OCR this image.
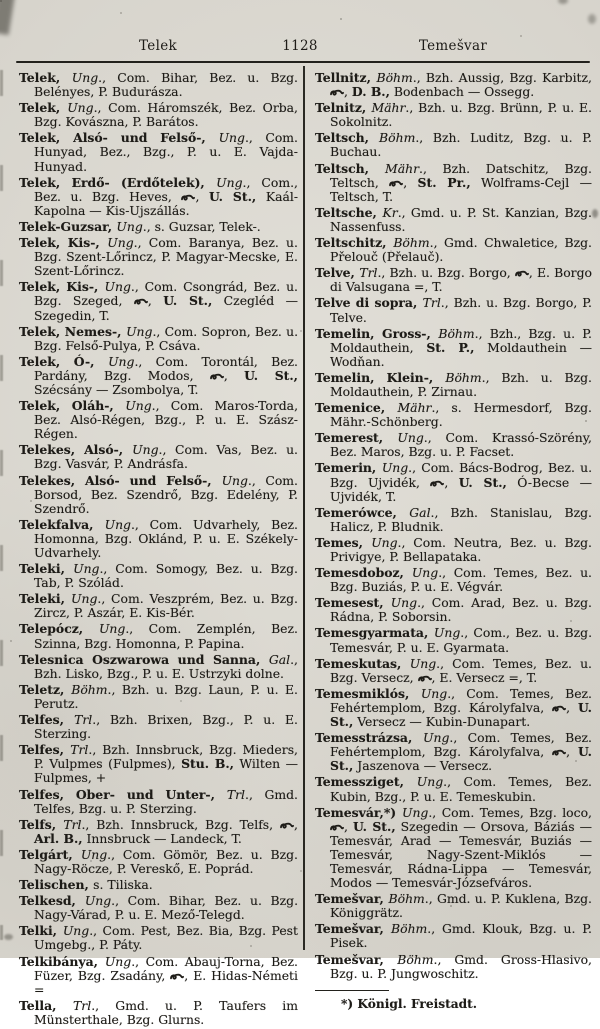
Telek	1128	Temešvar

Telek, Ung., Com. Bihar, Bez. u. Bzg. Belényes, P. Budurásza.

Telek, Ung., Com. Háromszék, Bez. Orba, Bzg. Kovászna, P. Barátos.

Telek, Alsó- und Felső-, Ung., Com. Hunyad, Bez., Bzg., P. u. E. Vajda-Hunyad.

Telek, Erdő- (Erdőtelek), Ung., Com., Bez. u. Bzg. Heves, , U. St., Kaál-Kapolna — Kis-Ujszállás.

Telek-Guzsar, Ung., s. Guzsar, Telek-.

Telek, Kis-, Ung., Com. Baranya, Bez. u. Bzg. Szent-Lőrincz, P. Magyar-Mecske, E. Szent-Lőrincz.

Telek, Kis-, Ung., Com. Csongrád, Bez. u. Bzg. Szeged, , U. St., Czegléd — Szegedin, T.

Telek, Nemes-, Ung., Com. Sopron, Bez. u. Bzg. Felső-Pulya, P. Csáva.

Telek, Ó-, Ung., Com. Torontál, Bez. Pardány, Bzg. Modos, , U. St., Szécsány — Zsombolya, T.

Telek, Oláh-, Ung., Com. Maros-Torda, Bez. Alsó-Régen, Bzg., P. u. E. Szász-Régen.

Telekes, Alsó-, Ung., Com. Vas, Bez. u. Bzg. Vasvár, P. Andrásfa.

Telekes, Alsó- und Felső-, Ung., Com. Borsod, Bez. Szendrő, Bzg. Edelény, P. Szendrő.

Telekfalva, Ung., Com. Udvarhely, Bez. Homonna, Bzg. Oklánd, P. u. E. Székely-Udvarhely.

Teleki, Ung., Com. Somogy, Bez. u. Bzg. Tab, P. Szólád.

Teleki, Ung., Com. Veszprém, Bez. u. Bzg. Zircz, P. Aszár, E. Kis-Bér.

Telepócz, Ung., Com. Zemplén, Bez. Szinna, Bzg. Homonna, P. Papina.

Telesnica Oszwarowa und Sanna, Gal., Bzh. Lisko, Bzg., P. u. E. Ustrzyki dolne.

Teletz, Böhm., Bzh. u. Bzg. Laun, P. u. E. Perutz.

Telfes, Trl., Bzh. Brixen, Bzg., P. u. E. Sterzing.

Telfes, Trl., Bzh. Innsbruck, Bzg. Mieders, P. Vulpmes (Fulpmes), Stu. B., Wilten — Fulpmes, +

Telfes, Ober- und Unter-, Trl., Gmd. Telfes, Bzg. u. P. Sterzing.

Telfs, Trl., Bzh. Innsbruck, Bzg. Telfs, , Arl. B., Innsbruck — Landeck, T.

Telgárt, Ung., Com. Gömör, Bez. u. Bzg. Nagy-Röcze, P. Vereskő, E. Poprád.

Telischen, s. Tiliska.

Telkesd, Ung., Com. Bihar, Bez. u. Bzg. Nagy-Várad, P. u. E. Mező-Telegd.

Telki, Ung., Com. Pest, Bez. Bia, Bzg. Pest Umgebg., P. Páty.

Telkibánya, Ung., Com. Abauj-Torna, Bez. Füzer, Bzg. Zsadány, , E. Hidas-Németi =

Tella, Trl., Gmd. u. P. Taufers im Münsterthale, Bzg. Glurns.

Tellnitz, Böhm., Bzh. Aussig, Bzg. Karbitz, , D. B., Bodenbach — Ossegg.

Telnitz, Mähr., Bzh. u. Bzg. Brünn, P. u. E. Sokolnitz.

Teltsch, Böhm., Bzh. Luditz, Bzg. u. P. Buchau.

Teltsch, Mähr., Bzh. Datschitz, Bzg. Teltsch, , St. Pr., Wolframs-Cejl — Teltsch, T.

Teltsche, Kr., Gmd. u. P. St. Kanzian, Bzg. Nassenfuss.

Teltschitz, Böhm., Gmd. Chwaletice, Bzg. Přelouč (Přelauč).

Telve, Trl., Bzh. u. Bzg. Borgo, , E. Borgo di Valsugana =, T.

Telve di sopra, Trl., Bzh. u. Bzg. Borgo, P. Telve.

Temelin, Gross-, Böhm., Bzh., Bzg. u. P. Moldauthein, St. P., Moldauthein — Wodňan.

Temelin, Klein-, Böhm., Bzh. u. Bzg. Moldauthein, P. Zirnau.

Temenice, Mähr., s. Hermesdorf, Bzg. Mähr.-Schönberg.

Temerest, Ung., Com. Krassó-Szörény, Bez. Maros, Bzg. u. P. Facset.

Temerin, Ung., Com. Bács-Bodrog, Bez. u. Bzg. Ujvidék, , U. St., Ó-Becse — Ujvidék, T.

Temerówce, Gal., Bzh. Stanislau, Bzg. Halicz, P. Bludnik.

Temes, Ung., Com. Neutra, Bez. u. Bzg. Privigye, P. Bellapataka.

Temesdoboz, Ung., Com. Temes, Bez. u. Bzg. Buziás, P. u. E. Végvár.

Temesest, Ung., Com. Arad, Bez. u. Bzg. Rádna, P. Soborsin.

Temesgyarmata, Ung., Com., Bez. u. Bzg. Temesvár, P. u. E. Gyarmata.

Temeskutas, Ung., Com. Temes, Bez. u. Bzg. Versecz, , E. Versecz =, T.

Temesmiklós, Ung., Com. Temes, Bez. Fehértemplom, Bzg. Károlyfalva, , U. St., Versecz — Kubin-Dunapart.

Temesstrázsa, Ung., Com. Temes, Bez. Fehértemplom, Bzg. Károlyfalva, , U. St., Jaszenova — Versecz.

Temessziget, Ung., Com. Temes, Bez. Kubin, Bzg., P. u. E. Temeskubin.

Temesvár,*) Ung., Com. Temes, Bzg. loco, , U. St., Szegedin — Orsova, Báziás — Temesvár, Arad — Temesvár, Buziás — Temesvár, Nagy-Szent-Miklós — Temesvár, Rádna-Lippa — Temesvár, Modos — Temesvár-Józsefváros.

Temešvar, Böhm., Gmd. u. P. Kuklena, Bzg. Königgrätz.

Temešvar, Böhm., Gmd. Klouk, Bzg. u. P. Pisek.

Temešvar, Böhm., Gmd. Gross-Hlasivo, Bzg. u. P. Jungwoschitz.

*) Königl. Freistadt.
